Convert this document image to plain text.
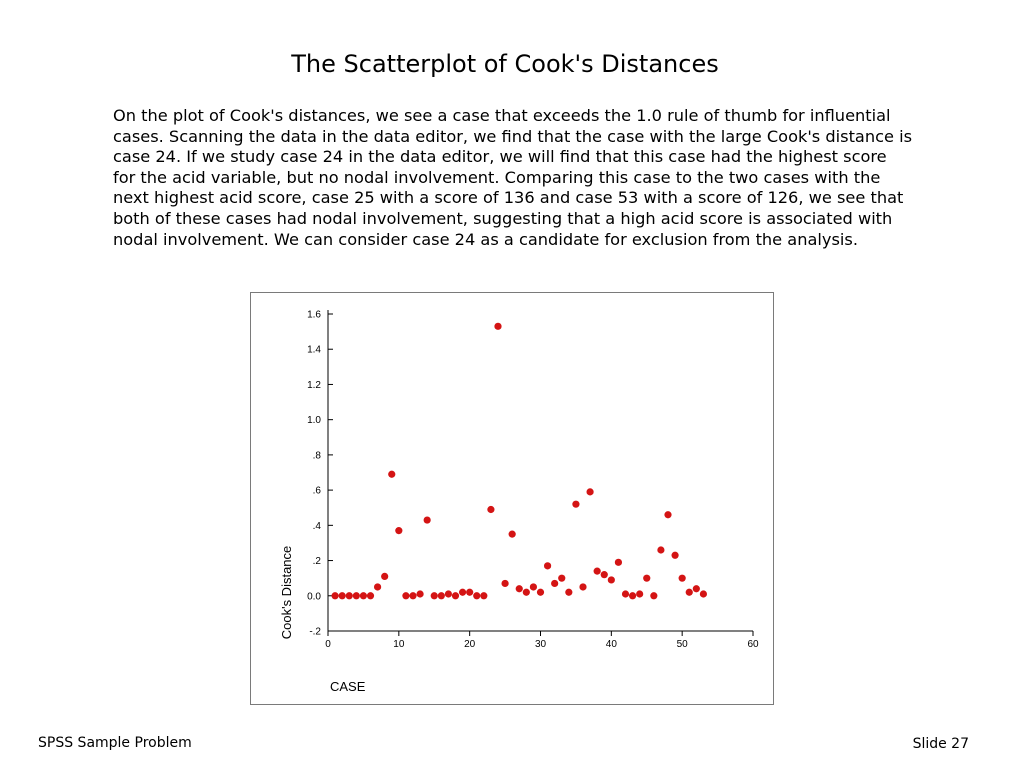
The Scatterplot of Cook's Distances

On the plot of Cook's distances, we see a case that exceeds the 1.0 rule of thumb for influential cases. Scanning the data in the data editor, we find that the case with the large Cook's distance is case 24. If we study case 24 in the data editor, we will find that this case had the highest score for the acid variable, but no nodal involvement. Comparing this case to the two cases with the next highest acid score, case 25 with a score of 136 and case 53 with a score of 126, we see that both of these cases had nodal involvement, suggesting that a high acid score is associated with nodal involvement. We can consider case 24 as a candidate for exclusion from the analysis.

-.2
0.0
.2
.4
.6
.8
1.0
1.2
1.4
1.6
0	10	20	30	40	50	60
CASE
Cook's Distance
SPSS Sample Problem	Slide 27
